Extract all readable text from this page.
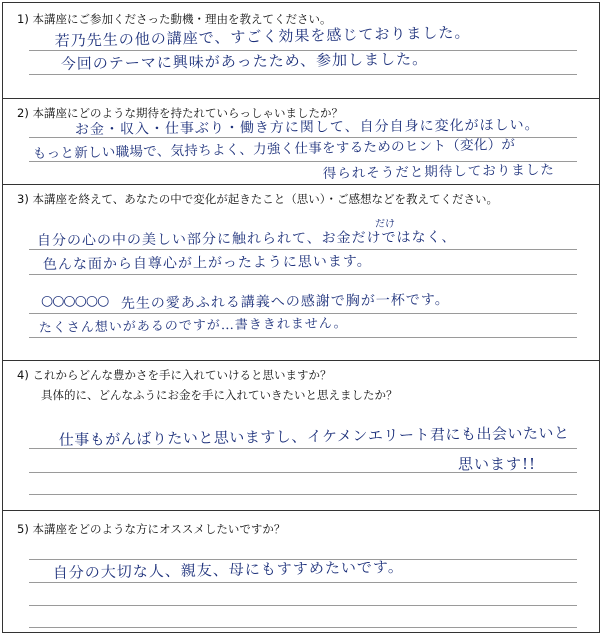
1) 本講座にご参加くださった動機・理由を教えてください。
若乃先生の他の講座で、すごく効果を感じておりました。
今回のテーマに興味があったため、参加しました。
2) 本講座にどのような期待を持たれていらっしゃいましたか？
お金・収入・仕事ぶり・働き方に関して、自分自身に変化がほしい。
もっと新しい職場で、気持ちよく、力強く仕事をするためのヒント（変化）が
得られそうだと期待しておりました
3) 本講座を終えて、あなたの中で変化が起きたこと（思い）・ご感想などを教えてください。
だけ
自分の心の中の美しい部分に触れられて、お金だけではなく、
色んな面から自尊心が上がったように思います。
○○○○○○ 先生の愛あふれる講義への感謝で胸が一杯です。
たくさん想いがあるのですが…書ききれません。
4) これからどんな豊かさを手に入れていけると思いますか？
具体的に、どんなふうにお金を手に入れていきたいと思えましたか？
仕事もがんばりたいと思いますし、イケメンエリート君にも出会いたいと
思います!!
5) 本講座をどのような方にオススメしたいですか？
自分の大切な人、親友、母にもすすめたいです。
